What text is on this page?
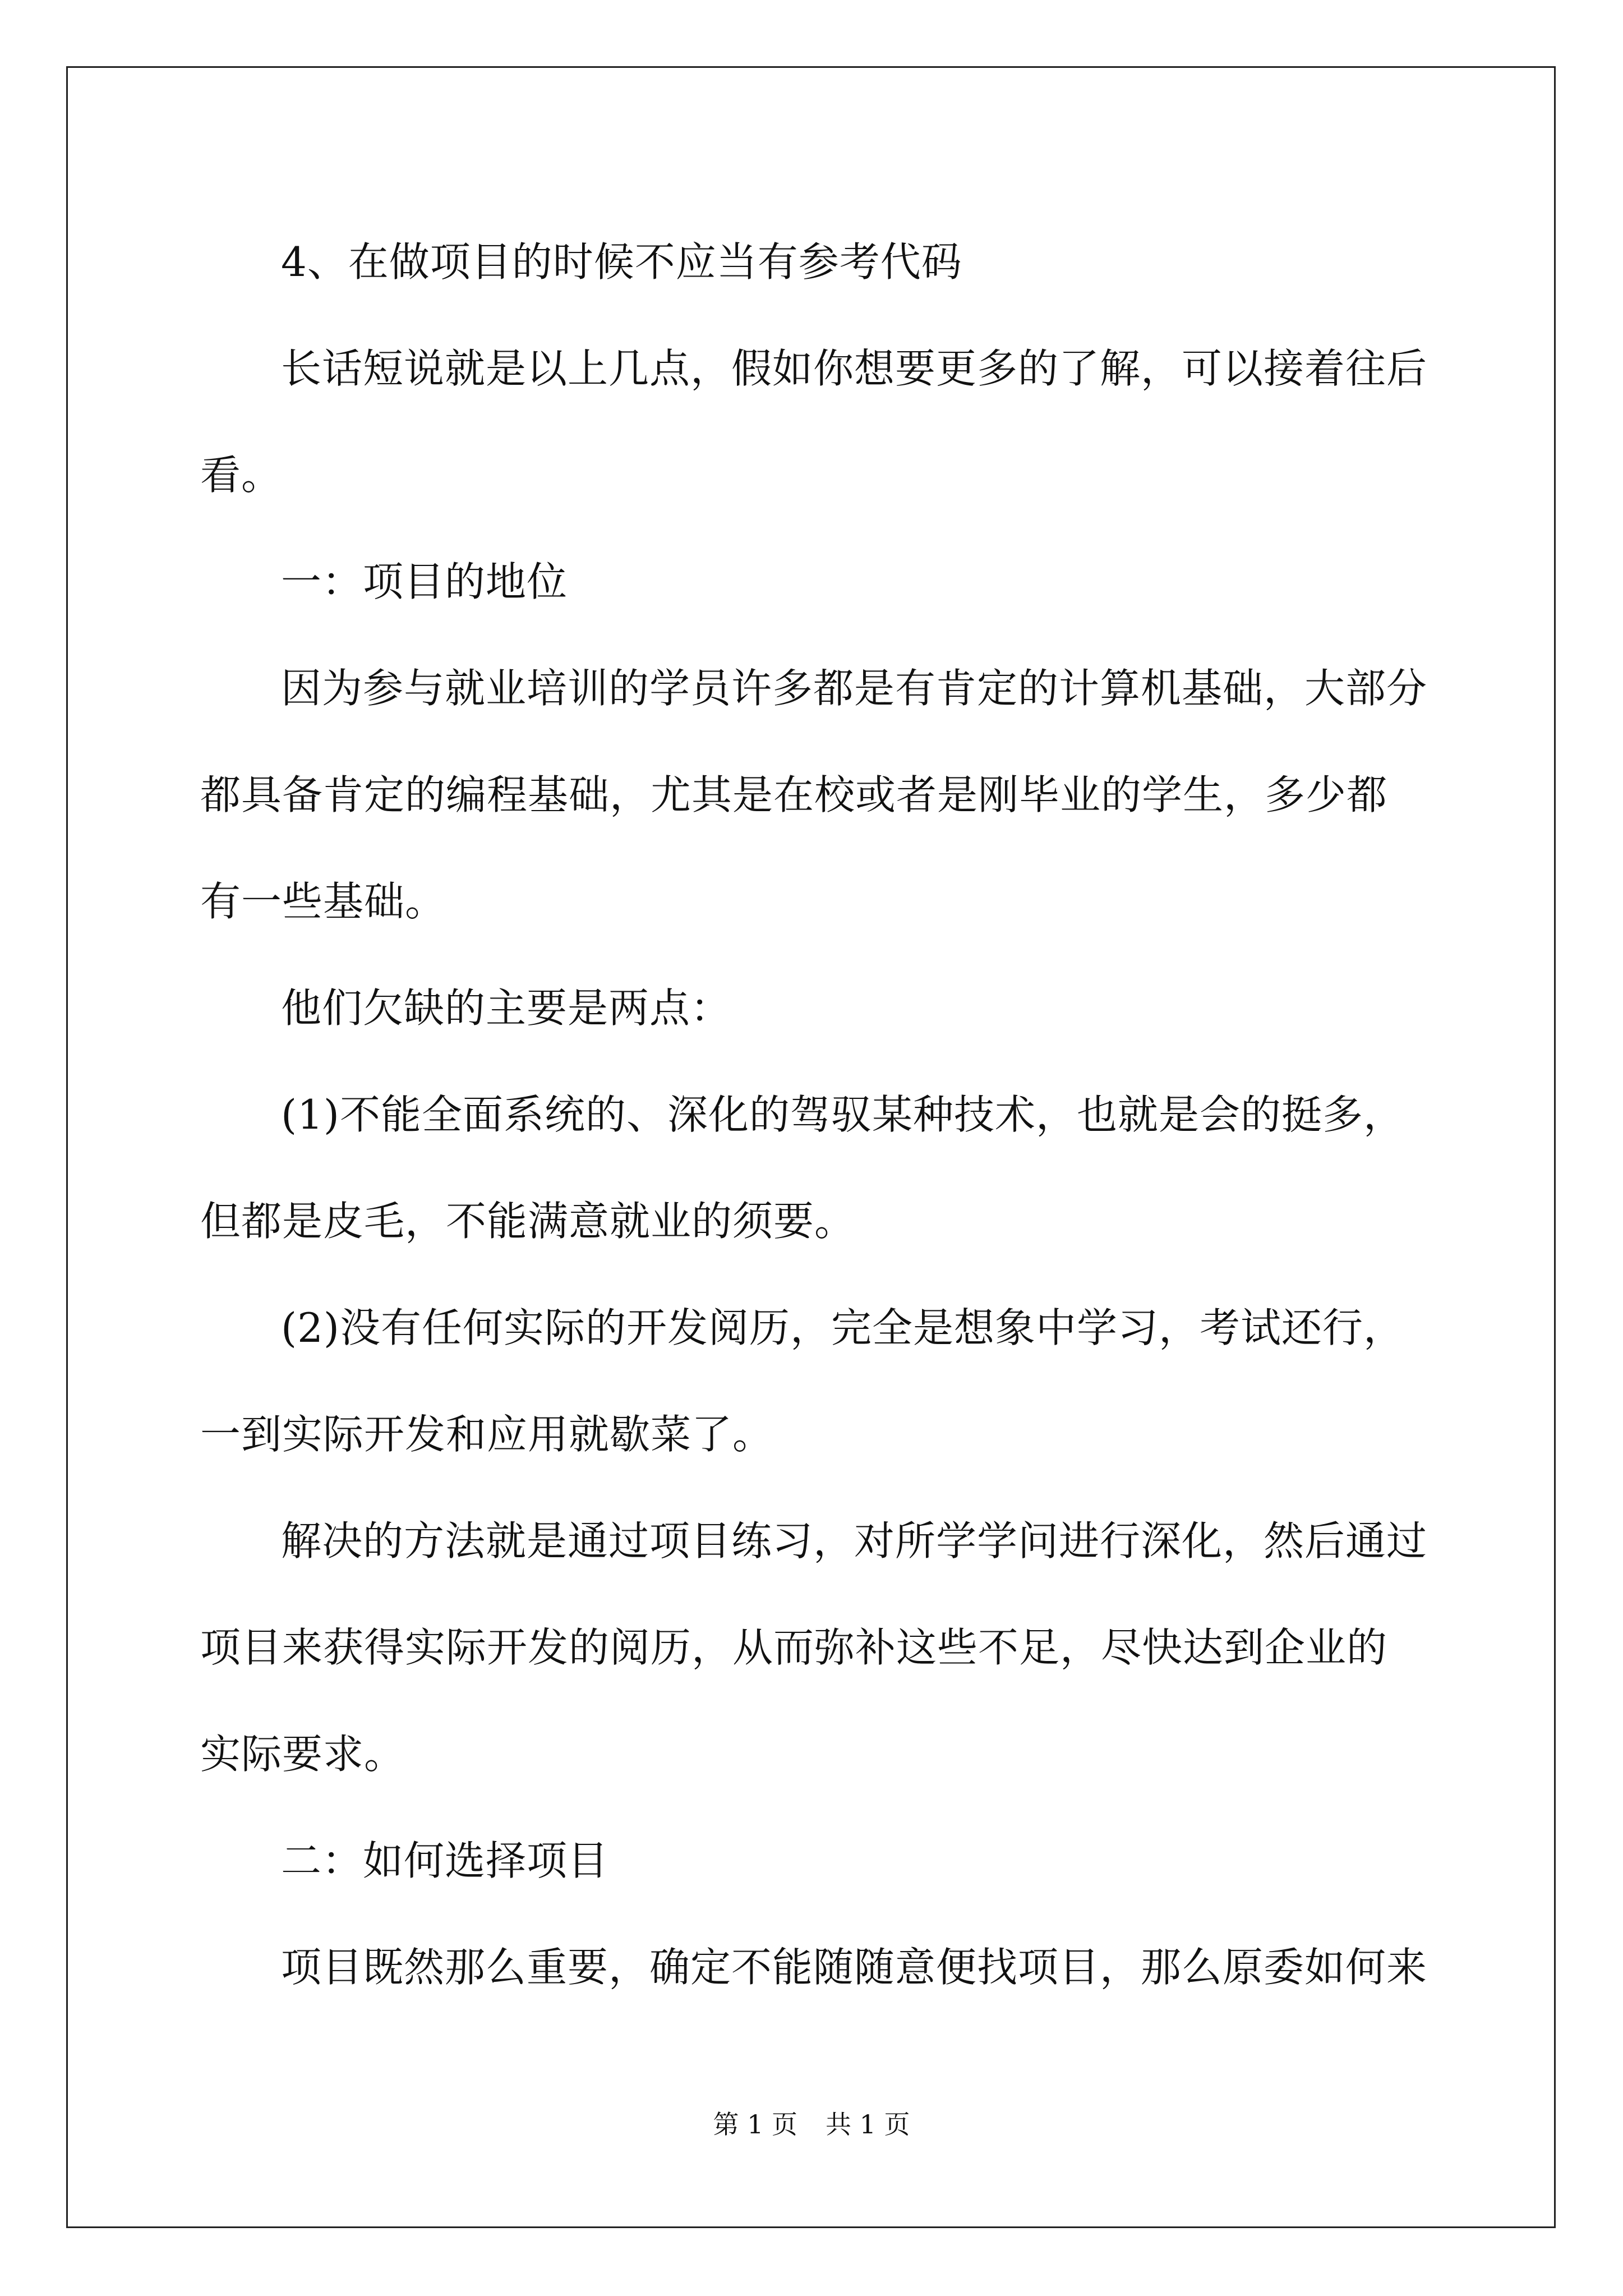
4、在做项目的时候不应当有参考代码

长话短说就是以上几点，假如你想要更多的了解，可以接着往后看。

一：项目的地位

因为参与就业培训的学员许多都是有肯定的计算机基础，大部分都具备肯定的编程基础，尤其是在校或者是刚毕业的学生，多少都有一些基础。

他们欠缺的主要是两点：

(1)不能全面系统的、深化的驾驭某种技术，也就是会的挺多，但都是皮毛，不能满意就业的须要。

(2)没有任何实际的开发阅历，完全是想象中学习，考试还行，一到实际开发和应用就歇菜了。

解决的方法就是通过项目练习，对所学学问进行深化，然后通过项目来获得实际开发的阅历，从而弥补这些不足，尽快达到企业的实际要求。

二：如何选择项目

项目既然那么重要，确定不能随随意便找项目，那么原委如何来

第 1 页 共 1 页
